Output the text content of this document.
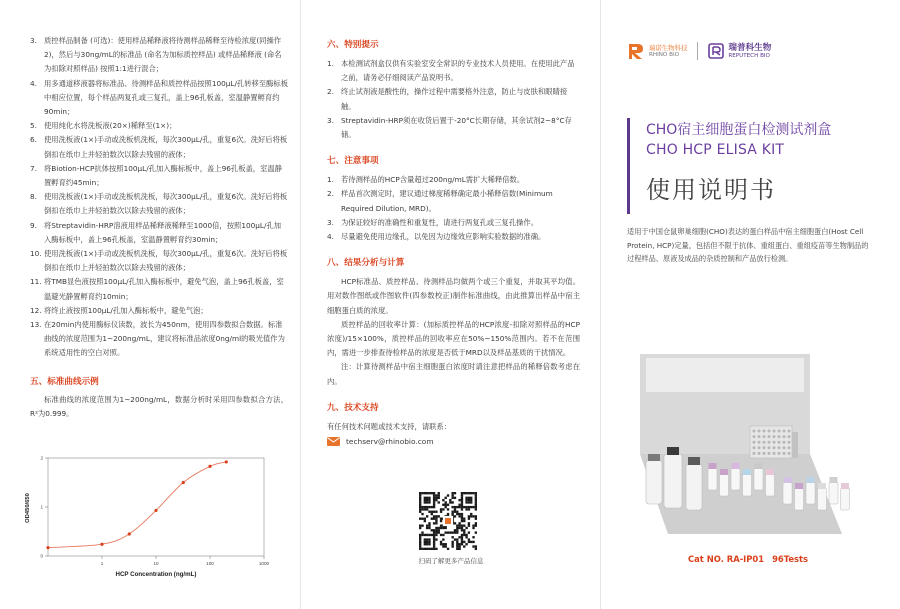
3. 质控样品制备 (可选)：使用样品稀释液将待测样品稀释至待检浓度(同操作2)，然后与30ng/mL的标准品 (命名为加标质控样品) 或样品稀释液 (命名为扣除对照样品) 按照1:1进行混合；
4. 用多通道移液器将标准品、待测样品和质控样品按照100μL/孔转移至酶标板中相应位置，每个样品两复孔或三复孔，盖上96孔板盖，室温静置孵育约90min；
5. 使用纯化水将洗板液(20×)稀释至(1×)；
6. 使用洗板液(1×)手动或洗板机洗板，每次300μL/孔，重复6次。洗好后将板倒扣在纸巾上并轻拍数次以除去残留的液体；
7. 将Biotion-HCP抗体按照100μL/孔加入酶标板中，盖上96孔板盖，室温静置孵育约45min；
8. 使用洗板液(1×)手动或洗板机洗板，每次300μL/孔，重复6次。洗好后将板倒扣在纸巾上并轻拍数次以除去残留的液体；
9. 将Streptavidin-HRP溶液用样品稀释液稀释至1000倍，按照100μL/孔加入酶标板中，盖上96孔板盖，室温静置孵育约30min；
10. 使用洗板液(1×)手动或洗板机洗板，每次300μL/孔，重复6次。洗好后将板倒扣在纸巾上并轻拍数次以除去残留的液体；
11. 将TMB显色液按照100μL/孔加入酶标板中，避免气泡，盖上96孔板盖，室温避光静置孵育约10min；
12. 将终止液按照100μL/孔加入酶标板中，避免气泡；
13. 在20min内使用酶标仪读数，波长为450nm，使用四参数拟合数据。标准曲线的浓度范围为1~200ng/mL，建议将标准品浓度0ng/ml的吸光值作为系统适用性的空白对照。

五、标准曲线示例

标准曲线的浓度范围为1~200ng/mL，数据分析时采用四参数拟合方法，R²为0.999。

1	10	100	1000
0
1
2
HCP Concentration (ng/mL)
OD450/650

六、特别提示

1. 本检测试剂盒仅供有实验室安全常识的专业技术人员使用。在使用此产品之前，请务必仔细阅读产品说明书。
2. 终止试剂液是酸性的，操作过程中需要格外注意，防止与皮肤和眼睛接触。
3. Streptavidin-HRP须在收货后置于-20°C长期存储，其余试剂2~8°C存储。

七、注意事项

1. 若待测样品的HCP含量超过200ng/mL需扩大稀释倍数。
2. 样品首次测定时，建议通过梯度稀释确定最小稀释倍数(Minimum Required Dilution, MRD)。
3. 为保证较好的准确性和重复性，请进行两复孔或三复孔操作。
4. 尽量避免使用边缘孔，以免因为边缘效应影响实验数据的准确。

八、结果分析与计算

HCP标准品、质控样品、待测样品均做两个或三个重复，并取其平均值。用对数作图纸或作图软件(四参数校正)制作标准曲线，由此推算出样品中宿主细胞蛋白质的浓度。

质控样品的回收率计算：(加标质控样品的HCP浓度-扣除对照样品的HCP浓度)/15×100%，质控样品的回收率应在50%~150%范围内。若不在范围内，需进一步排查待检样品的浓度是否低于MRD以及样品基质的干扰情况。

注：计算待测样品中宿主细胞蛋白浓度时请注意把样品的稀释倍数考虑在内。

九、技术支持

有任何技术问题或技术支持，请联系：

techserv@rhinobio.com

扫码了解更多产品信息

瑞诺生物科技
RHINO BIO
瑞普科生物
REPUTECH BIO
CHO宿主细胞蛋白检测试剂盒
CHO HCP ELISA KIT
使用说明书

适用于中国仓鼠卵巢细胞(CHO)表达的蛋白样品中宿主细胞蛋白(Host Cell Protein, HCP)定量，包括但不限于抗体、重组蛋白、重组疫苗等生物制品的过程样品、原液及成品的杂质控制和产品放行检测。

Cat NO. RA-IP01 96Tests
